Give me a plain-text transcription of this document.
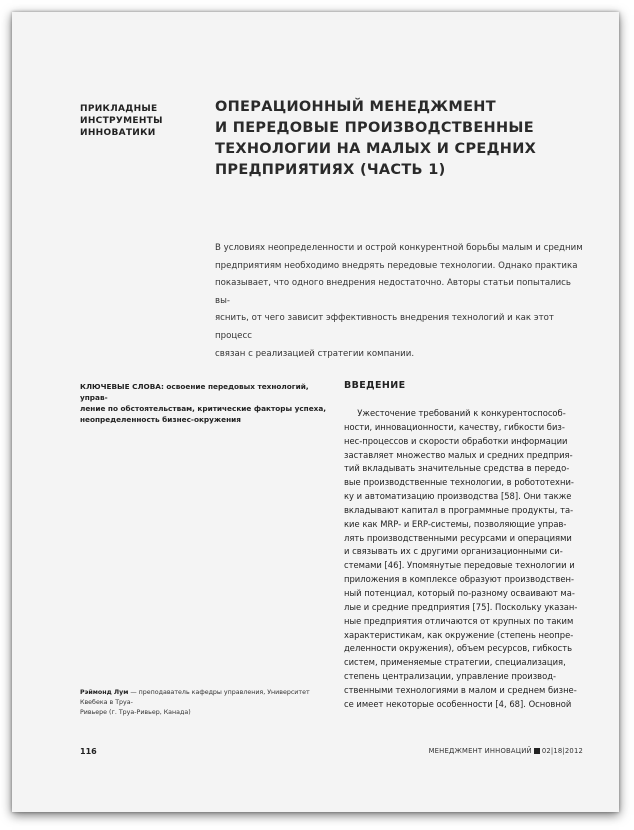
ПРИКЛАДНЫЕ
ИНСТРУМЕНТЫ
ИННОВАТИКИ
ОПЕРАЦИОННЫЙ МЕНЕДЖМЕНТ
И ПЕРЕДОВЫЕ ПРОИЗВОДСТВЕННЫЕ
ТЕХНОЛОГИИ НА МАЛЫХ И СРЕДНИХ
ПРЕДПРИЯТИЯХ (ЧАСТЬ 1)
В условиях неопределенности и острой конкурентной борьбы малым и средним
предприятиям необходимо внедрять передовые технологии. Однако практика
показывает, что одного внедрения недостаточно. Авторы статьи попытались вы-
яснить, от чего зависит эффективность внедрения технологий и как этот процесс
связан с реализацией стратегии компании.
КЛЮЧЕВЫЕ СЛОВА: освоение передовых технологий, управ-
ление по обстоятельствам, критические факторы успеха,
неопределенность бизнес-окружения
ВВЕДЕНИЕ
Ужесточение требований к конкурентоспособ-
ности, инновационности, качеству, гибкости биз-
нес-процессов и скорости обработки информации
заставляет множество малых и средних предприя-
тий вкладывать значительные средства в передо-
вые производственные технологии, в робототехни-
ку и автоматизацию производства [58]. Они также
вкладывают капитал в программные продукты, та-
кие как MRP- и ERP-системы, позволяющие управ-
лять производственными ресурсами и операциями
и связывать их с другими организационными си-
стемами [46]. Упомянутые передовые технологии и
приложения в комплексе образуют производствен-
ный потенциал, который по-разному осваивают ма-
лые и средние предприятия [75]. Поскольку указан-
ные предприятия отличаются от крупных по таким
характеристикам, как окружение (степень неопре-
деленности окружения), объем ресурсов, гибкость
систем, применяемые стратегии, специализация,
степень централизации, управление производ-
ственными технологиями в малом и среднем бизне-
се имеет некоторые особенности [4, 68]. Основной
Рэймонд Лум — преподаватель кафедры управления, Университет Квебека в Труа-
Ривьере (г. Труа-Ривьер, Канада)
116	МЕНЕДЖМЕНТ ИННОВАЦИЙ 02|18|2012
